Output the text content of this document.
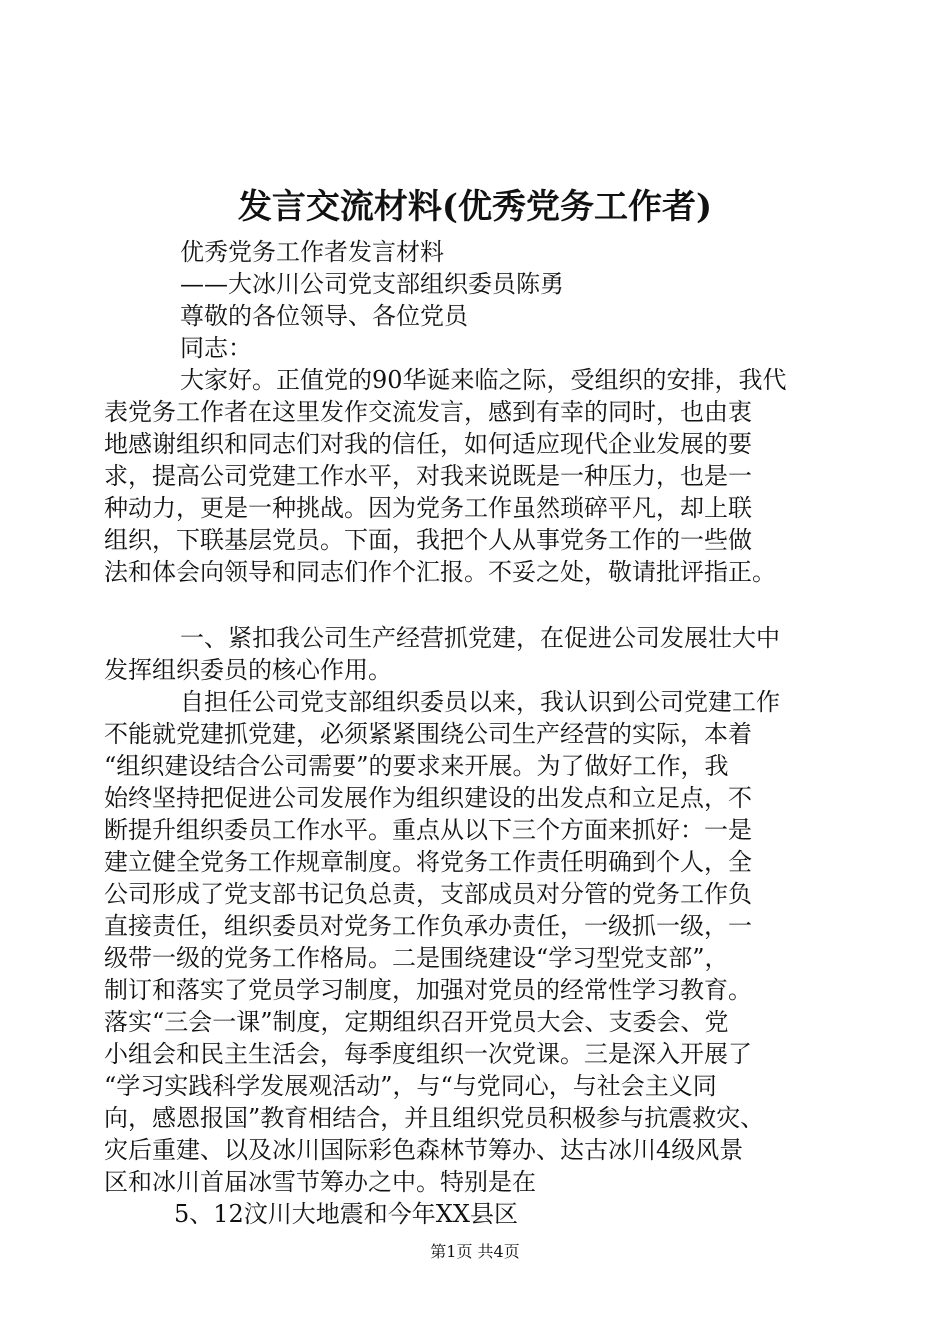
发言交流材料(优秀党务工作者)
优秀党务工作者发言材料
——大冰川公司党支部组织委员陈勇
尊敬的各位领导、各位党员
同志：
大家好。正值党的90华诞来临之际，受组织的安排，我代
表党务工作者在这里发作交流发言，感到有幸的同时，也由衷
地感谢组织和同志们对我的信任，如何适应现代企业发展的要
求，提高公司党建工作水平，对我来说既是一种压力，也是一
种动力，更是一种挑战。因为党务工作虽然琐碎平凡，却上联
组织，下联基层党员。下面，我把个人从事党务工作的一些做
法和体会向领导和同志们作个汇报。不妥之处，敬请批评指正。
一、紧扣我公司生产经营抓党建，在促进公司发展壮大中
发挥组织委员的核心作用。
自担任公司党支部组织委员以来，我认识到公司党建工作
不能就党建抓党建，必须紧紧围绕公司生产经营的实际，本着
“组织建设结合公司需要”的要求来开展。为了做好工作，我
始终坚持把促进公司发展作为组织建设的出发点和立足点，不
断提升组织委员工作水平。重点从以下三个方面来抓好：一是
建立健全党务工作规章制度。将党务工作责任明确到个人，全
公司形成了党支部书记负总责，支部成员对分管的党务工作负
直接责任，组织委员对党务工作负承办责任，一级抓一级，一
级带一级的党务工作格局。二是围绕建设“学习型党支部”，
制订和落实了党员学习制度，加强对党员的经常性学习教育。
落实“三会一课”制度，定期组织召开党员大会、支委会、党
小组会和民主生活会，每季度组织一次党课。三是深入开展了
“学习实践科学发展观活动”，与“与党同心，与社会主义同
向，感恩报国”教育相结合，并且组织党员积极参与抗震救灾、
灾后重建、以及冰川国际彩色森林节筹办、达古冰川4级风景
区和冰川首届冰雪节筹办之中。特别是在
5、12汶川大地震和今年XX县区
第1页 共4页
